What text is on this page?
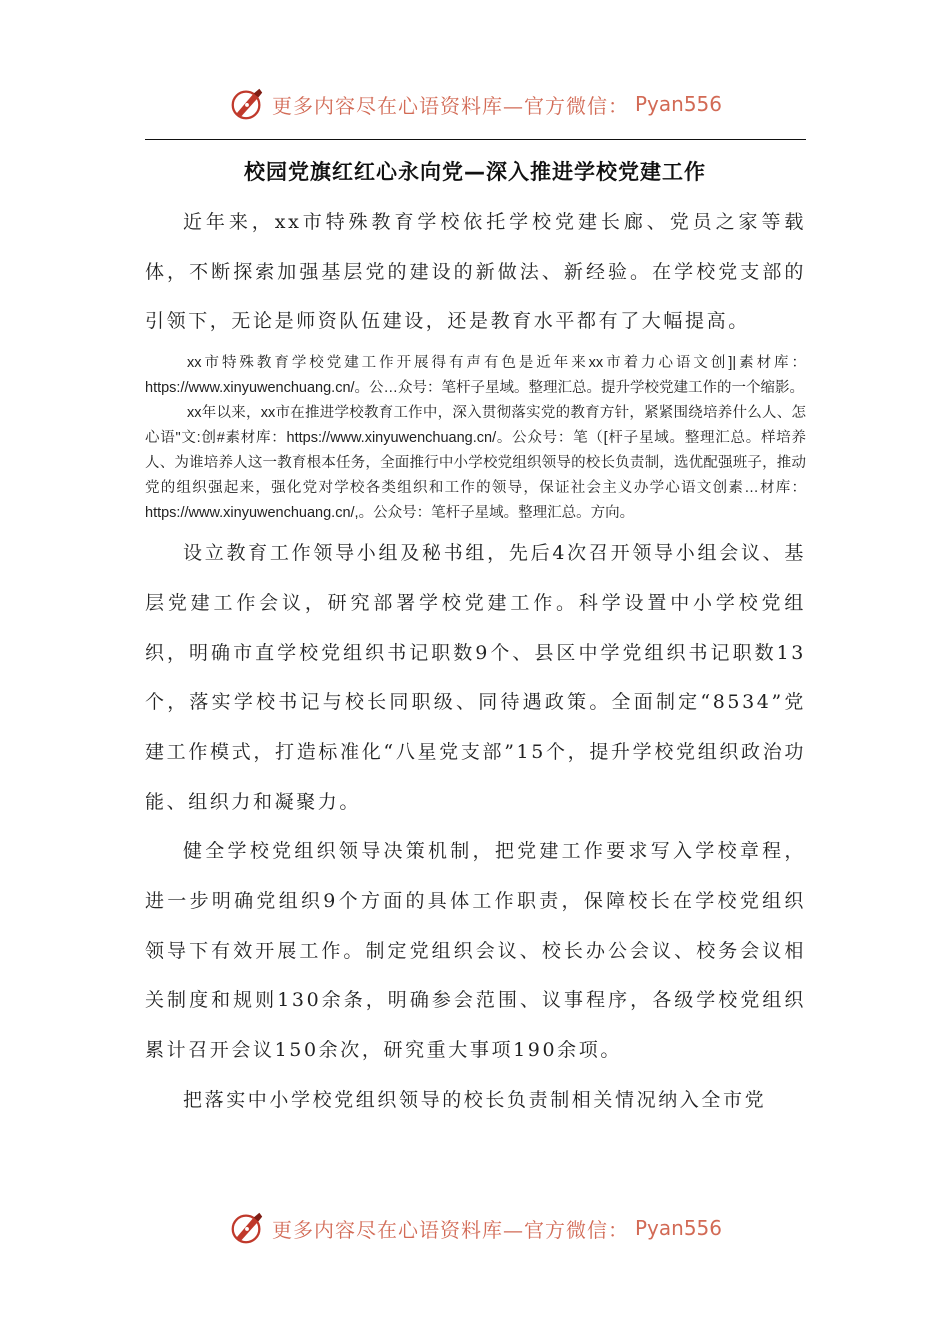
更多内容尽在心语资料库—官方微信： Pyan556
校园党旗红红心永向党—深入推进学校党建工作

近年来，xx市特殊教育学校依托学校党建长廊、党员之家等载体，不断探索加强基层党的建设的新做法、新经验。在学校党支部的引领下，无论是师资队伍建设，还是教育水平都有了大幅提高。

xx市特殊教育学校党建工作开展得有声有色是近年来xx市着力心语文创]|素材库：https://www.xinyuwenchuang.cn/。公…众号：笔杆子星域。整理汇总。提升学校党建工作的一个缩影。

xx年以来，xx市在推进学校教育工作中，深入贯彻落实党的教育方针，紧紧围绕培养什么人、怎心语"文:创#素材库：https://www.xinyuwenchuang.cn/。公众号：笔（[杆子星域。整理汇总。样培养人、为谁培养人这一教育根本任务，全面推行中小学校党组织领导的校长负责制，选优配强班子，推动党的组织强起来，强化党对学校各类组织和工作的领导，保证社会主义办学心语文创素…材库：https://www.xinyuwenchuang.cn/,。公众号：笔杆子星域。整理汇总。方向。

设立教育工作领导小组及秘书组，先后4次召开领导小组会议、基层党建工作会议，研究部署学校党建工作。科学设置中小学校党组织，明确市直学校党组织书记职数9个、县区中学党组织书记职数13个，落实学校书记与校长同职级、同待遇政策。全面制定“8534”党建工作模式，打造标准化“八星党支部”15个，提升学校党组织政治功能、组织力和凝聚力。

健全学校党组织领导决策机制，把党建工作要求写入学校章程，进一步明确党组织9个方面的具体工作职责，保障校长在学校党组织领导下有效开展工作。制定党组织会议、校长办公会议、校务会议相关制度和规则130余条，明确参会范围、议事程序，各级学校党组织累计召开会议150余次，研究重大事项190余项。

把落实中小学校党组织领导的校长负责制相关情况纳入全市党

更多内容尽在心语资料库—官方微信： Pyan556
